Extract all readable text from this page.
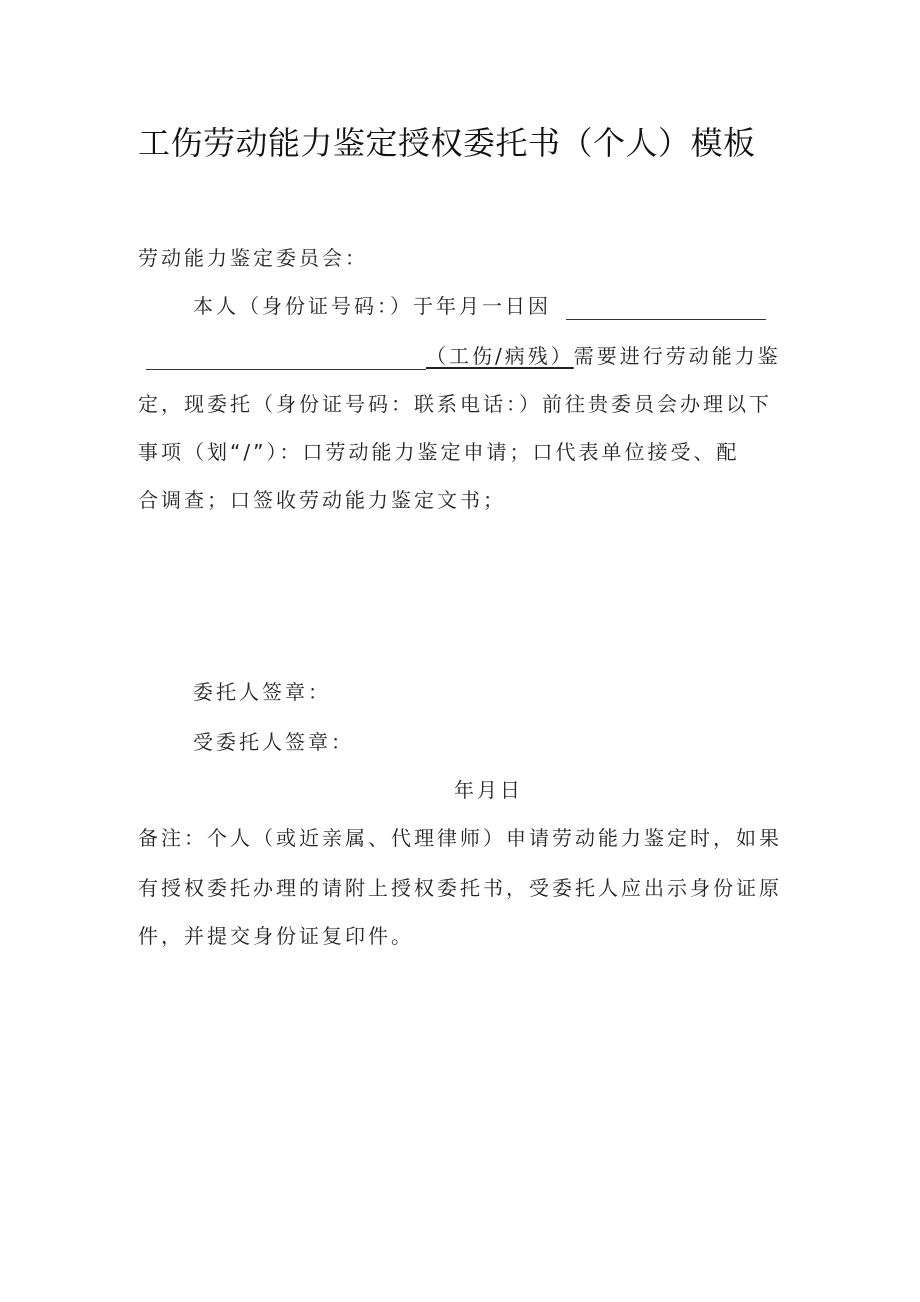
工伤劳动能力鉴定授权委托书（个人）模板
劳动能力鉴定委员会：
本人（身份证号码：）于年月一日因
（工伤/病残）需要进行劳动能力鉴
定，现委托（身份证号码：联系电话：）前往贵委员会办理以下
事项（划“/”）：口劳动能力鉴定申请；口代表单位接受、配
合调查；口签收劳动能力鉴定文书；
委托人签章：
受委托人签章：
年月日
备注：个人（或近亲属、代理律师）申请劳动能力鉴定时，如果
有授权委托办理的请附上授权委托书，受委托人应出示身份证原
件，并提交身份证复印件。
